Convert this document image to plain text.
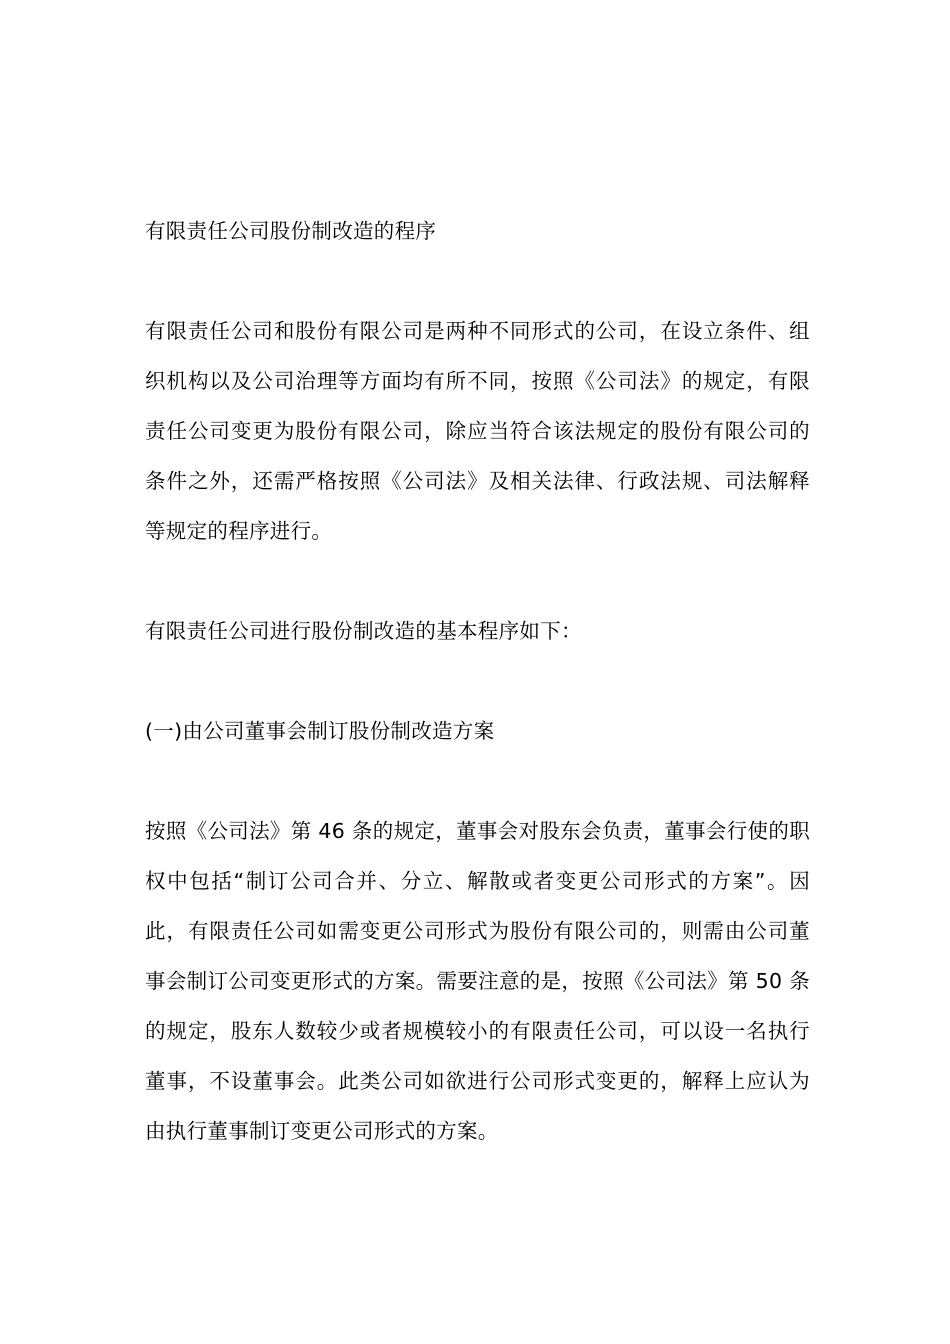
有限责任公司股份制改造的程序

有限责任公司和股份有限公司是两种不同形式的公司，在设立条件、组织机构以及公司治理等方面均有所不同，按照《公司法》的规定，有限责任公司变更为股份有限公司，除应当符合该法规定的股份有限公司的条件之外，还需严格按照《公司法》及相关法律、行政法规、司法解释等规定的程序进行。

有限责任公司进行股份制改造的基本程序如下：

(一)由公司董事会制订股份制改造方案

按照《公司法》第 46 条的规定，董事会对股东会负责，董事会行使的职权中包括“制订公司合并、分立、解散或者变更公司形式的方案”。因此，有限责任公司如需变更公司形式为股份有限公司的，则需由公司董事会制订公司变更形式的方案。需要注意的是，按照《公司法》第 50 条的规定，股东人数较少或者规模较小的有限责任公司，可以设一名执行董事，不设董事会。此类公司如欲进行公司形式变更的，解释上应认为由执行董事制订变更公司形式的方案。
